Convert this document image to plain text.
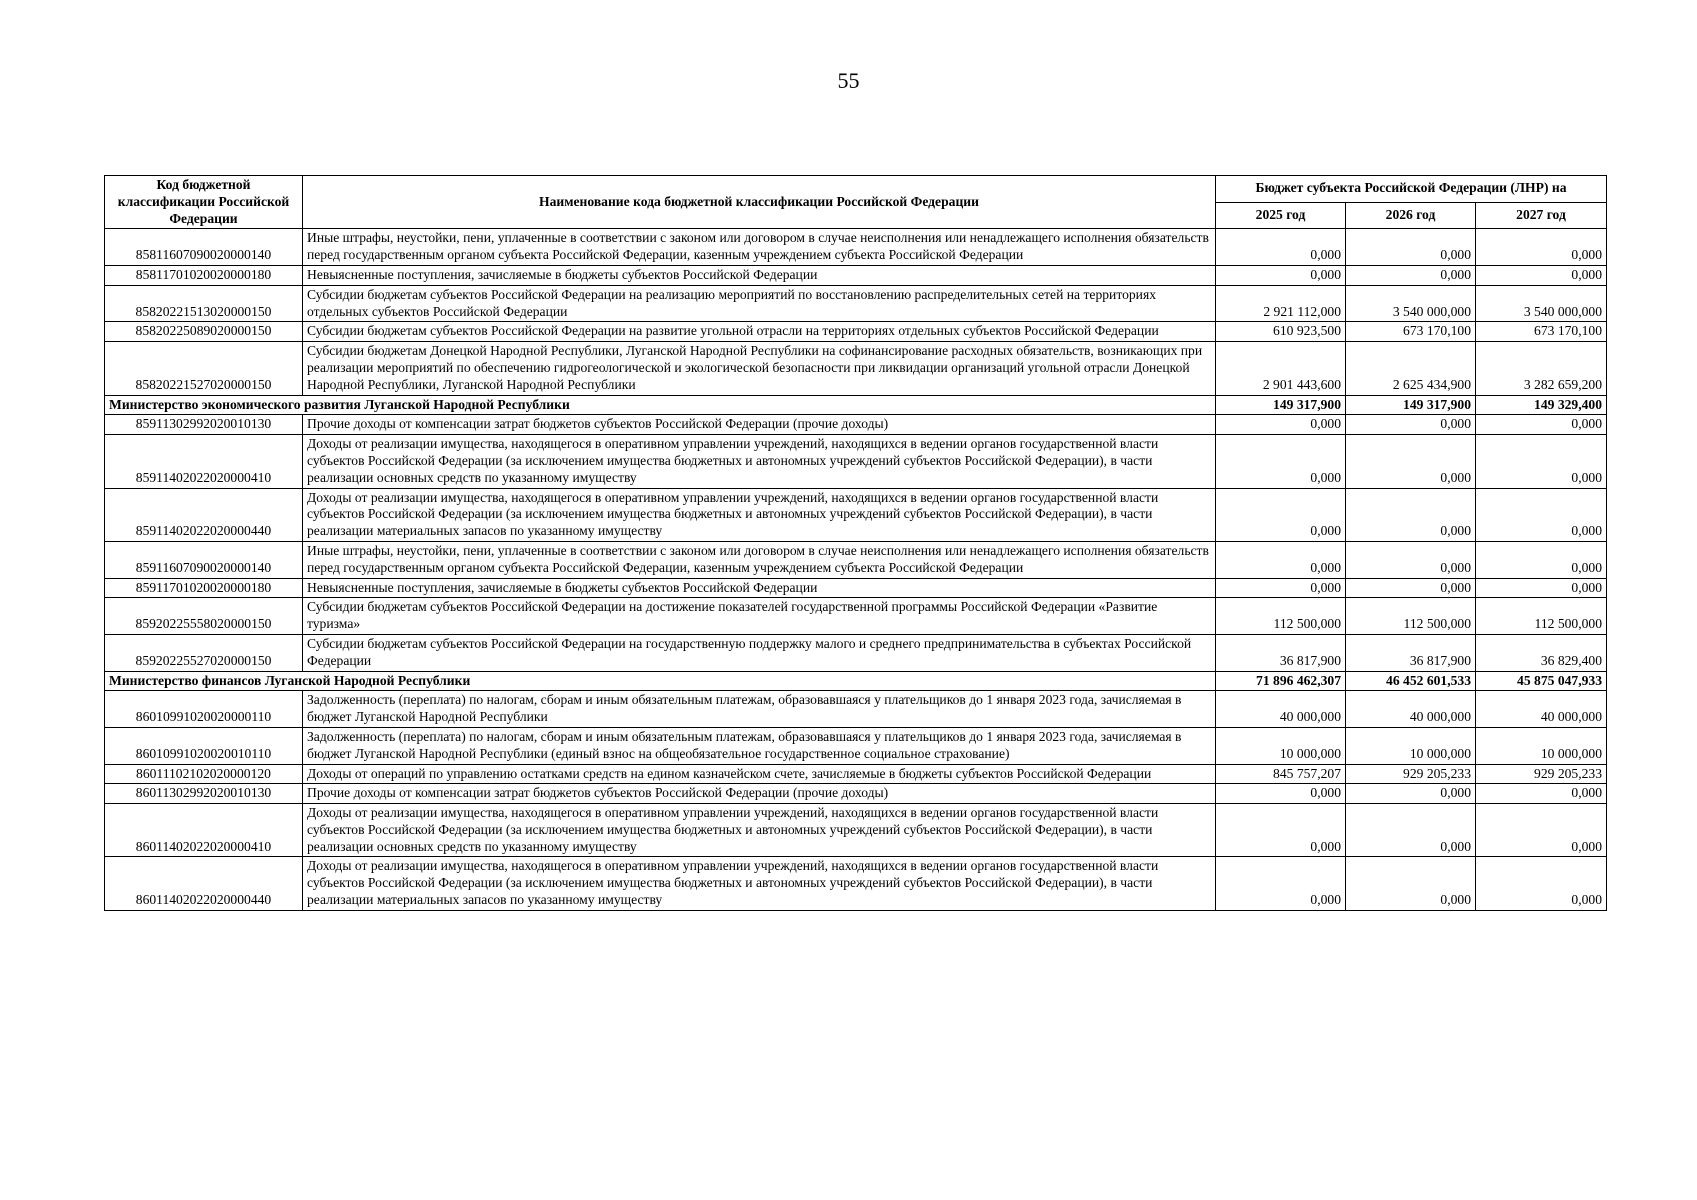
55
Код бюджетной классификации Российской Федерации	Наименование кода бюджетной классификации Российской Федерации	Бюджет субъекта Российской Федерации (ЛНР) на		
		2025 год	2026 год	2027 год
85811607090020000140	Иные штрафы, неустойки, пени, уплаченные в соответствии с законом или договором в случае неисполнения или ненадлежащего исполнения обязательств перед государственным органом субъекта Российской Федерации, казенным учреждением субъекта Российской Федерации	0,000	0,000	0,000
85811701020020000180	Невыясненные поступления, зачисляемые в бюджеты субъектов Российской Федерации	0,000	0,000	0,000
85820221513020000150	Субсидии бюджетам субъектов Российской Федерации на реализацию мероприятий по восстановлению распределительных сетей на территориях отдельных субъектов Российской Федерации	2 921 112,000	3 540 000,000	3 540 000,000
85820225089020000150	Субсидии бюджетам субъектов Российской Федерации на развитие угольной отрасли на территориях отдельных субъектов Российской Федерации	610 923,500	673 170,100	673 170,100
85820221527020000150	Субсидии бюджетам Донецкой Народной Республики, Луганской Народной Республики на софинансирование расходных обязательств, возникающих при реализации мероприятий по обеспечению гидрогеологической и экологической безопасности при ликвидации организаций угольной отрасли Донецкой Народной Республики, Луганской Народной Республики	2 901 443,600	2 625 434,900	3 282 659,200
Министерство экономического развития Луганской Народной Республики		149 317,900	149 317,900	149 329,400
85911302992020010130	Прочие доходы от компенсации затрат бюджетов субъектов Российской Федерации (прочие доходы)	0,000	0,000	0,000
85911402022020000410	Доходы от реализации имущества, находящегося в оперативном управлении учреждений, находящихся в ведении органов государственной власти субъектов Российской Федерации (за исключением имущества бюджетных и автономных учреждений субъектов Российской Федерации), в части реализации основных средств по указанному имуществу	0,000	0,000	0,000
85911402022020000440	Доходы от реализации имущества, находящегося в оперативном управлении учреждений, находящихся в ведении органов государственной власти субъектов Российской Федерации (за исключением имущества бюджетных и автономных учреждений субъектов Российской Федерации), в части реализации материальных запасов по указанному имуществу	0,000	0,000	0,000
85911607090020000140	Иные штрафы, неустойки, пени, уплаченные в соответствии с законом или договором в случае неисполнения или ненадлежащего исполнения обязательств перед государственным органом субъекта Российской Федерации, казенным учреждением субъекта Российской Федерации	0,000	0,000	0,000
85911701020020000180	Невыясненные поступления, зачисляемые в бюджеты субъектов Российской Федерации	0,000	0,000	0,000
85920225558020000150	Субсидии бюджетам субъектов Российской Федерации на достижение показателей государственной программы Российской Федерации «Развитие туризма»	112 500,000	112 500,000	112 500,000
85920225527020000150	Субсидии бюджетам субъектов Российской Федерации на государственную поддержку малого и среднего предпринимательства в субъектах Российской Федерации	36 817,900	36 817,900	36 829,400
Министерство финансов Луганской Народной Республики		71 896 462,307	46 452 601,533	45 875 047,933
86010991020020000110	Задолженность (переплата) по налогам, сборам и иным обязательным платежам, образовавшаяся у плательщиков до 1 января 2023 года, зачисляемая в бюджет Луганской Народной Республики	40 000,000	40 000,000	40 000,000
86010991020020010110	Задолженность (переплата) по налогам, сборам и иным обязательным платежам, образовавшаяся у плательщиков до 1 января 2023 года, зачисляемая в бюджет Луганской Народной Республики (единый взнос на общеобязательное государственное социальное страхование)	10 000,000	10 000,000	10 000,000
86011102102020000120	Доходы от операций по управлению остатками средств на едином казначейском счете, зачисляемые в бюджеты субъектов Российской Федерации	845 757,207	929 205,233	929 205,233
86011302992020010130	Прочие доходы от компенсации затрат бюджетов субъектов Российской Федерации (прочие доходы)	0,000	0,000	0,000
86011402022020000410	Доходы от реализации имущества, находящегося в оперативном управлении учреждений, находящихся в ведении органов государственной власти субъектов Российской Федерации (за исключением имущества бюджетных и автономных учреждений субъектов Российской Федерации), в части реализации основных средств по указанному имуществу	0,000	0,000	0,000
86011402022020000440	Доходы от реализации имущества, находящегося в оперативном управлении учреждений, находящихся в ведении органов государственной власти субъектов Российской Федерации (за исключением имущества бюджетных и автономных учреждений субъектов Российской Федерации), в части реализации материальных запасов по указанному имуществу	0,000	0,000	0,000
